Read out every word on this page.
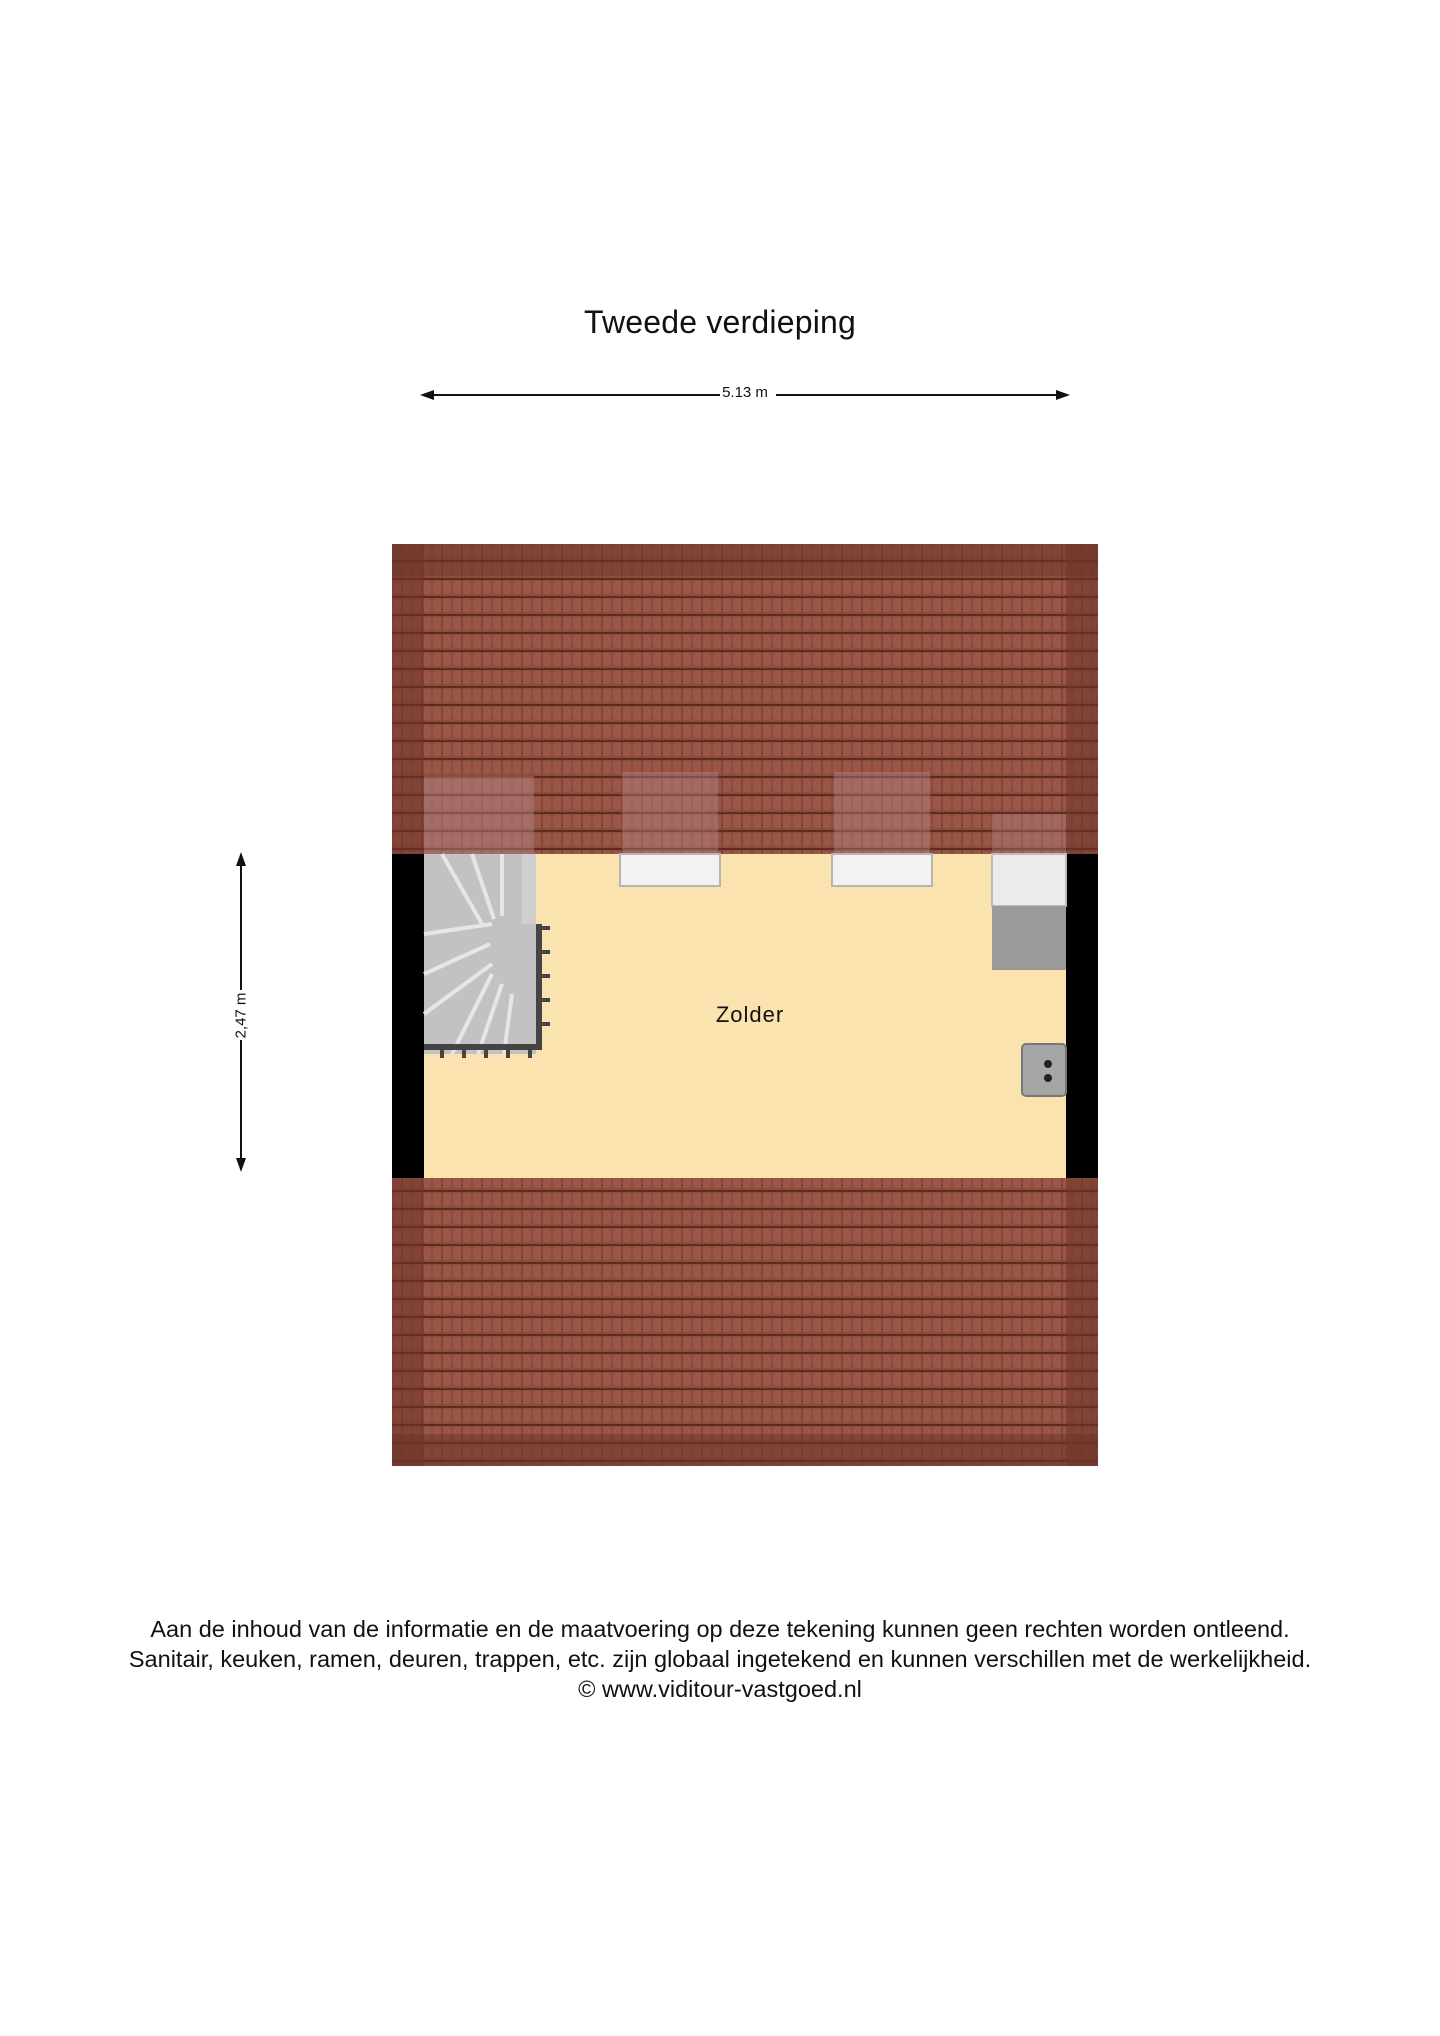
Tweede verdieping
5.13 m
2,47 m	Zolder
Aan de inhoud van de informatie en de maatvoering op deze tekening kunnen geen rechten worden ontleend.
Sanitair, keuken, ramen, deuren, trappen, etc. zijn globaal ingetekend en kunnen verschillen met de werkelijkheid.
© www.viditour-vastgoed.nl
